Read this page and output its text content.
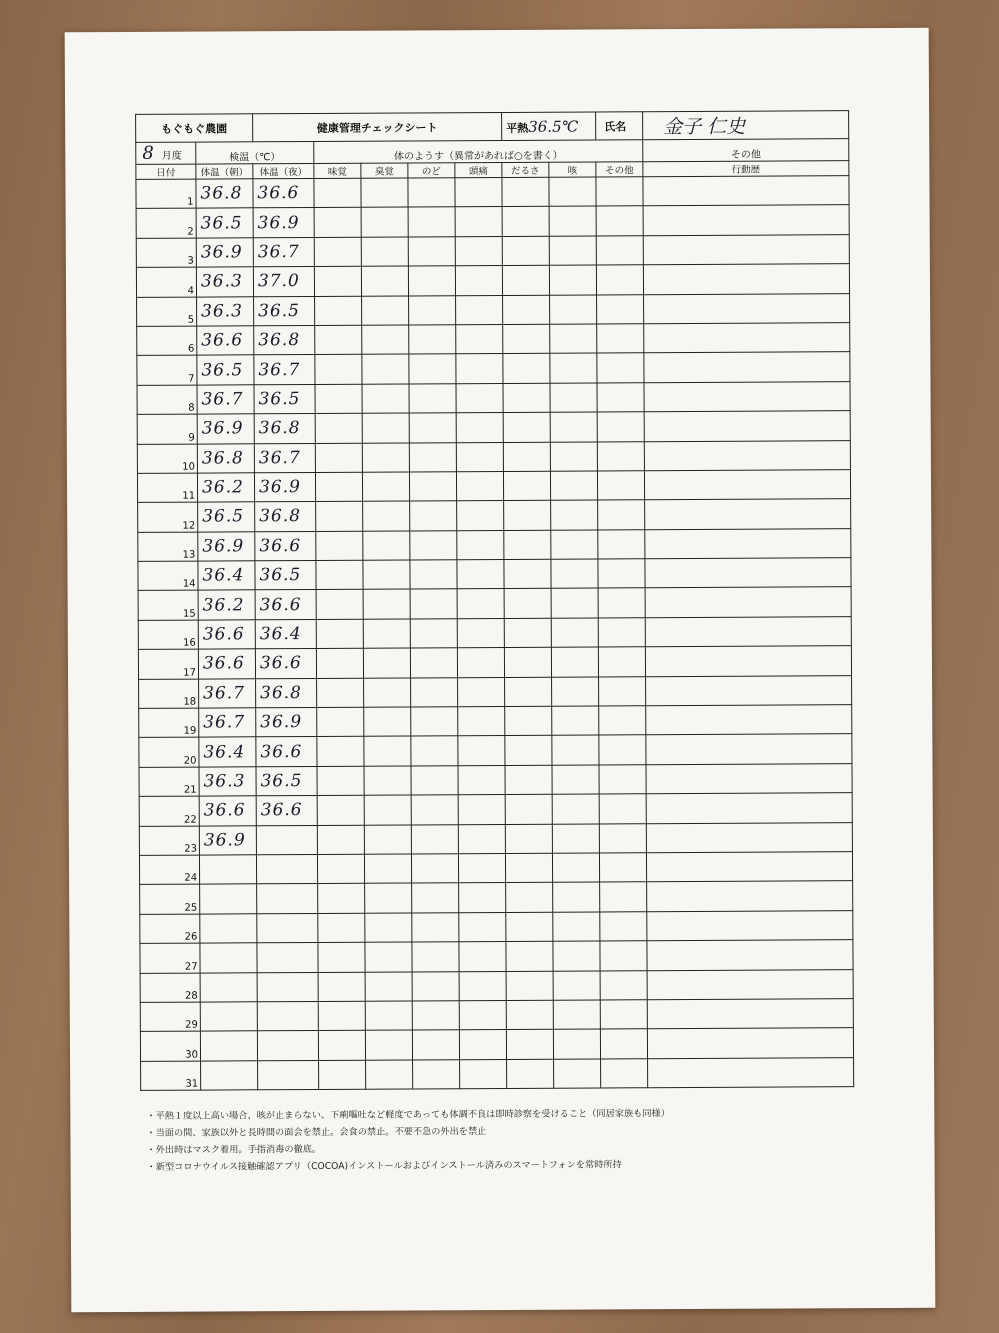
もぐもぐ農園		健康管理チェックシート					平熱36.5℃		氏名	金子 仁史
8 月度	検温（℃）		体のようす（異常があれば○を書く）							その他
日付	体温（朝）	体温（夜）	味覚	臭覚	のど	頭痛	だるさ	咳	その他	行動歴
1	36.8	36.6								
2	36.5	36.9								
3	36.9	36.7								
4	36.3	37.0								
5	36.3	36.5								
6	36.6	36.8								
7	36.5	36.7								
8	36.7	36.5								
9	36.9	36.8								
10	36.8	36.7								
11	36.2	36.9								
12	36.5	36.8								
13	36.9	36.6								
14	36.4	36.5								
15	36.2	36.6								
16	36.6	36.4								
17	36.6	36.6								
18	36.7	36.8								
19	36.7	36.9								
20	36.4	36.6								
21	36.3	36.5								
22	36.6	36.6								
23	36.9									
24										
25										
26										
27										
28										
29										
30										
31										
・平熱１度以上高い場合、咳が止まらない、下痢嘔吐など軽度であっても体調不良は即時診察を受けること（同居家族も同様）
・当面の間、家族以外と長時間の面会を禁止。会食の禁止。不要不急の外出を禁止
・外出時はマスク着用。手指消毒の徹底。
・新型コロナウイルス接触確認アプリ（COCOA)インストールおよびインストール済みのスマートフォンを常時所持
